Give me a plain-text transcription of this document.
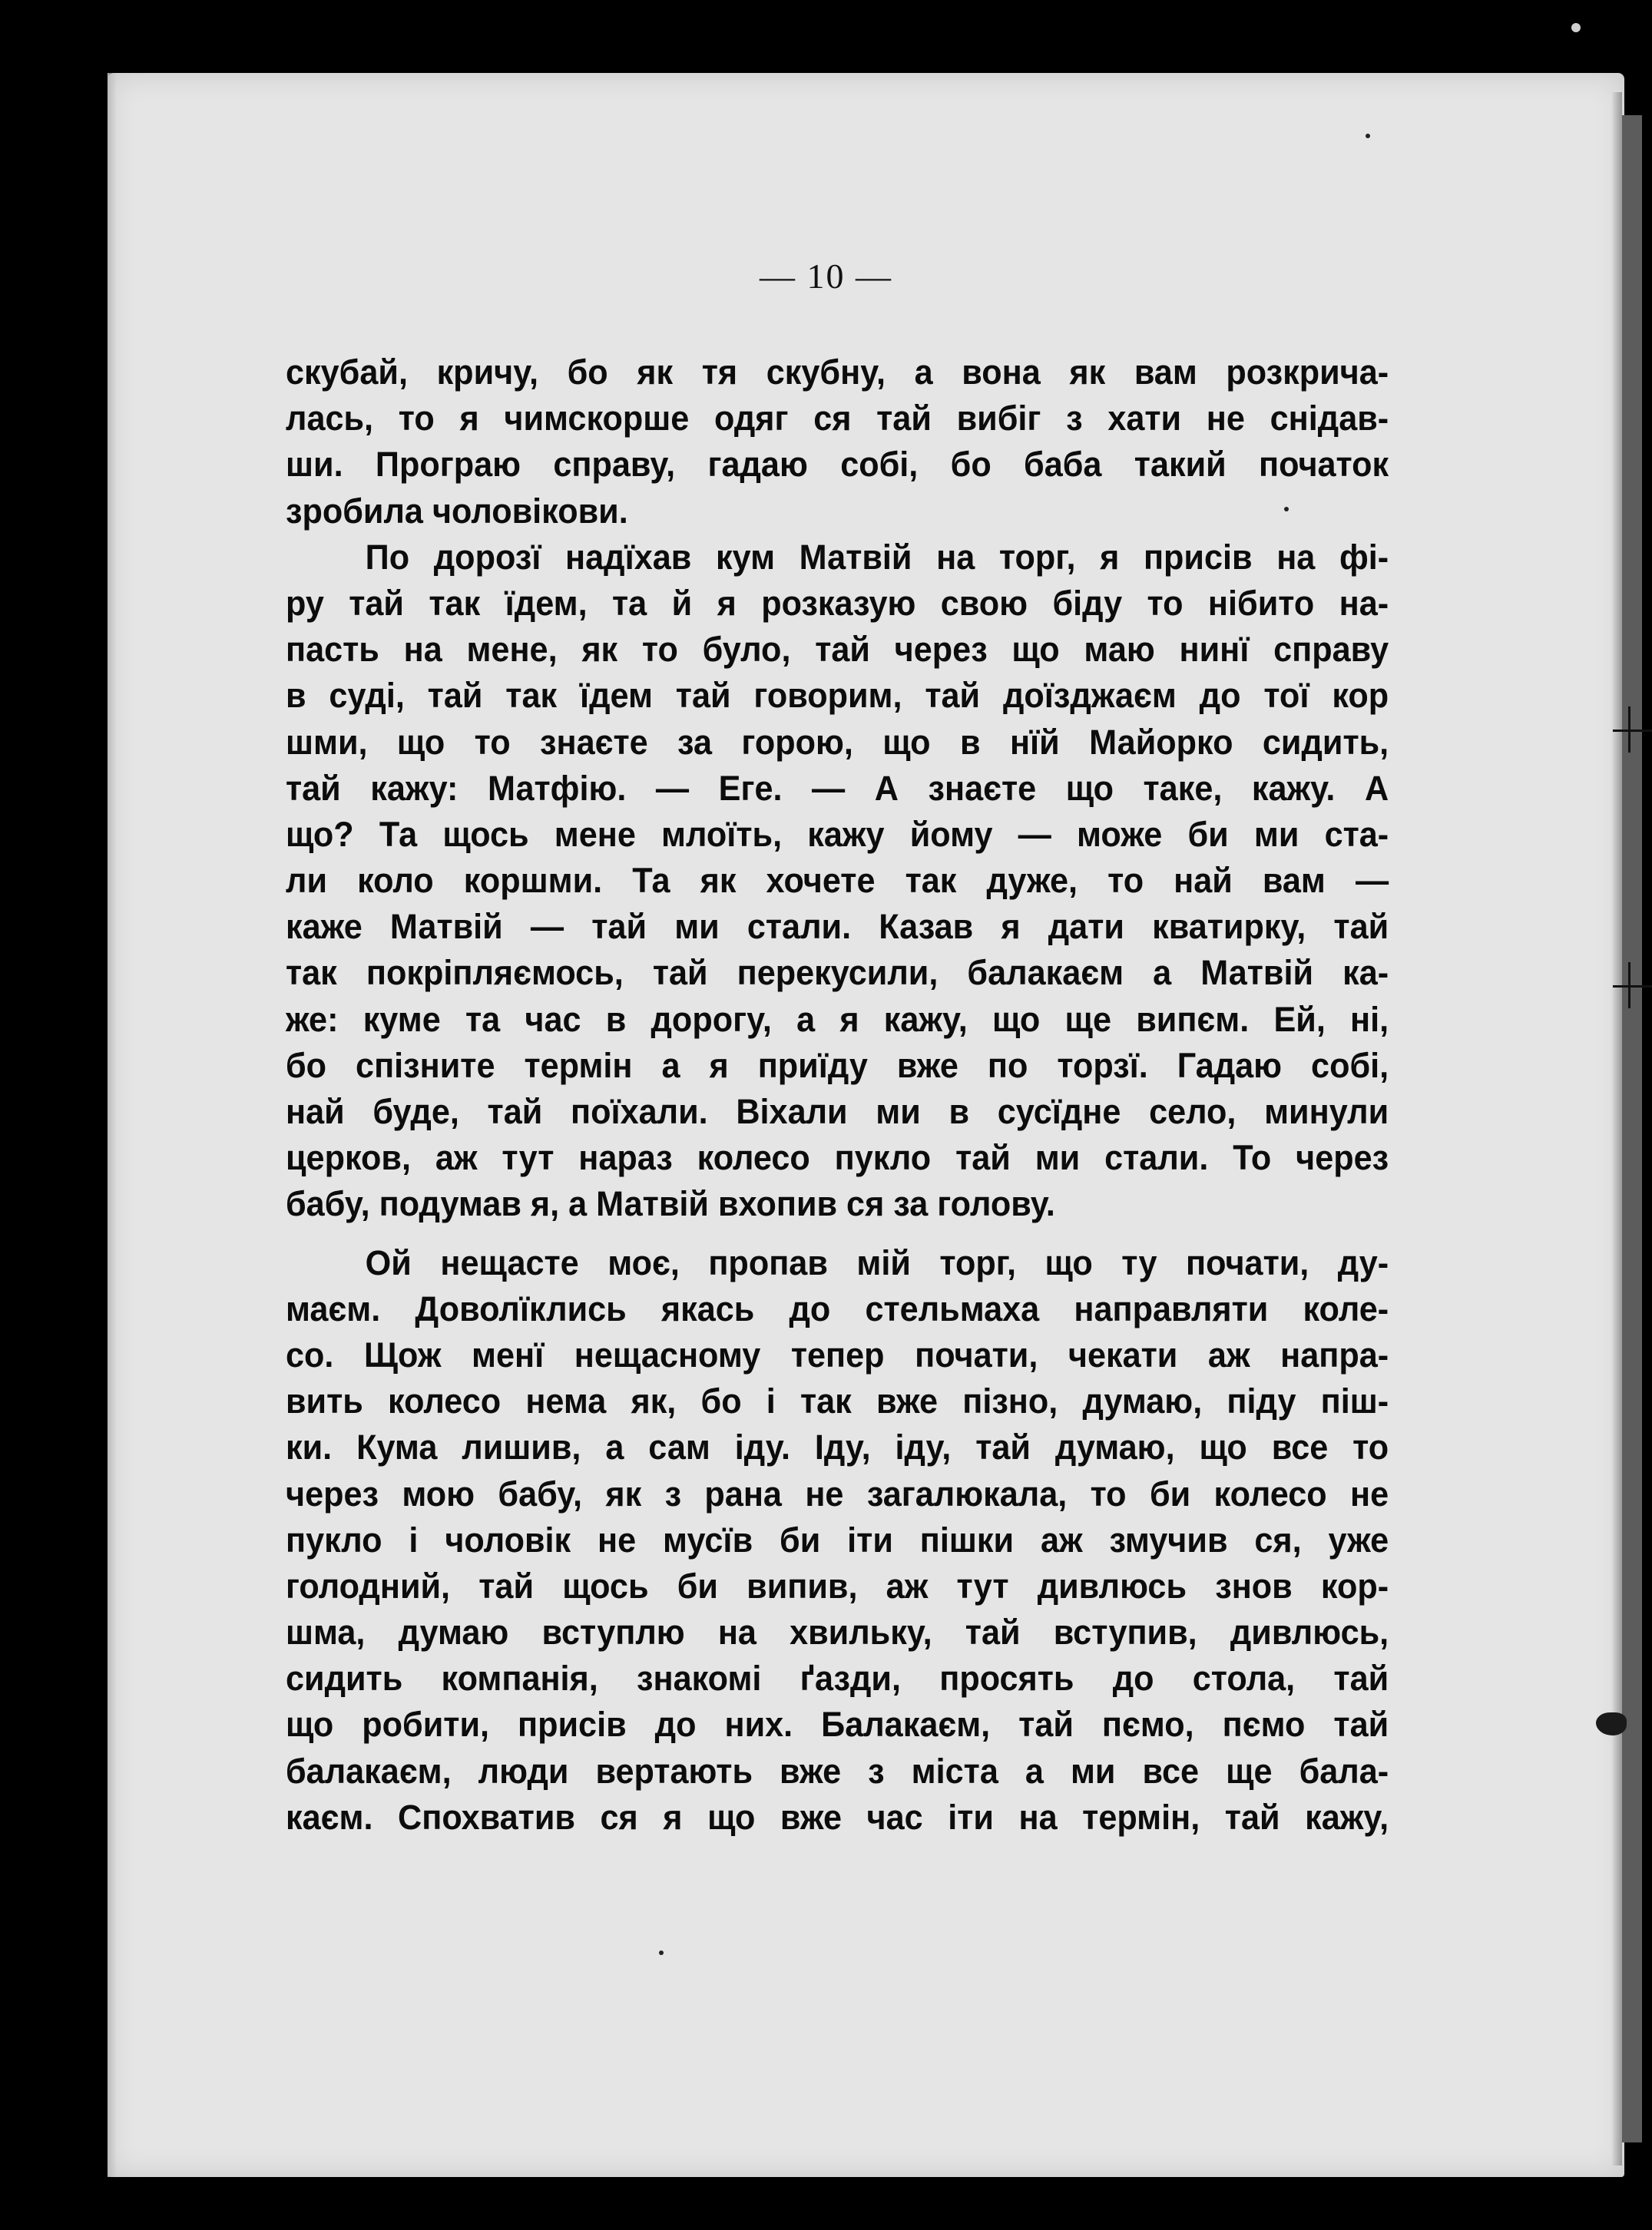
— 10 —
скубай, кричу, бо як тя скубну, а вона як вам розкрича-
лась, то я чимскорше одяг ся тай вибіг з хати не снідав-
ши. Програю справу, гадаю собі, бо баба такий початок
зробила чоловікови.
По дорозї надїхав кум Матвій на торг, я присів на фі-
ру тай так їдем, та й я розказую свою біду то нібито на-
пасть на мене, як то було, тай через що маю нинї справу
в суді, тай так їдем тай говорим, тай доїзджаєм до тої кор
шми, що то знаєте за горою, що в нїй Майорко сидить,
тай кажу: Матфію. — Еге. — А знаєте що таке, кажу. А
що? Та щось мене млоїть, кажу йому — може би ми ста-
ли коло коршми. Та як хочете так дуже, то най вам —
каже Матвій — тай ми стали. Казав я дати кватирку, тай
так покріпляємось, тай перекусили, балакаєм а Матвій ка-
же: куме та час в дорогу, а я кажу, що ще випєм. Ей, ні,
бо спізните термін а я приїду вже по торзї. Гадаю собі,
най буде, тай поїхали. Віхали ми в сусїдне село, минули
церков, аж тут нараз колесо пукло тай ми стали. То через
бабу, подумав я, а Матвій вхопив ся за голову.
Ой нещасте моє, пропав мій торг, що ту почати, ду-
маєм. Доволїклись якась до стельмаха направляти коле-
со. Щож менї нещасному тепер почати, чекати аж напра-
вить колесо нема як, бо і так вже пізно, думаю, піду піш-
ки. Кума лишив, а сам іду. Іду, іду, тай думаю, що все то
через мою бабу, як з рана не загалюкала, то би колесо не
пукло і чоловік не мусїв би іти пішки аж змучив ся, уже
голодний, тай щось би випив, аж тут дивлюсь знов кор-
шма, думаю вступлю на хвильку, тай вступив, дивлюсь,
сидить компанія, знакомі ґазди, просять до стола, тай
що робити, присів до них. Балакаєм, тай пємо, пємо тай
балакаєм, люди вертають вже з міста а ми все ще бала-
каєм. Спохватив ся я що вже час іти на термін, тай кажу,
